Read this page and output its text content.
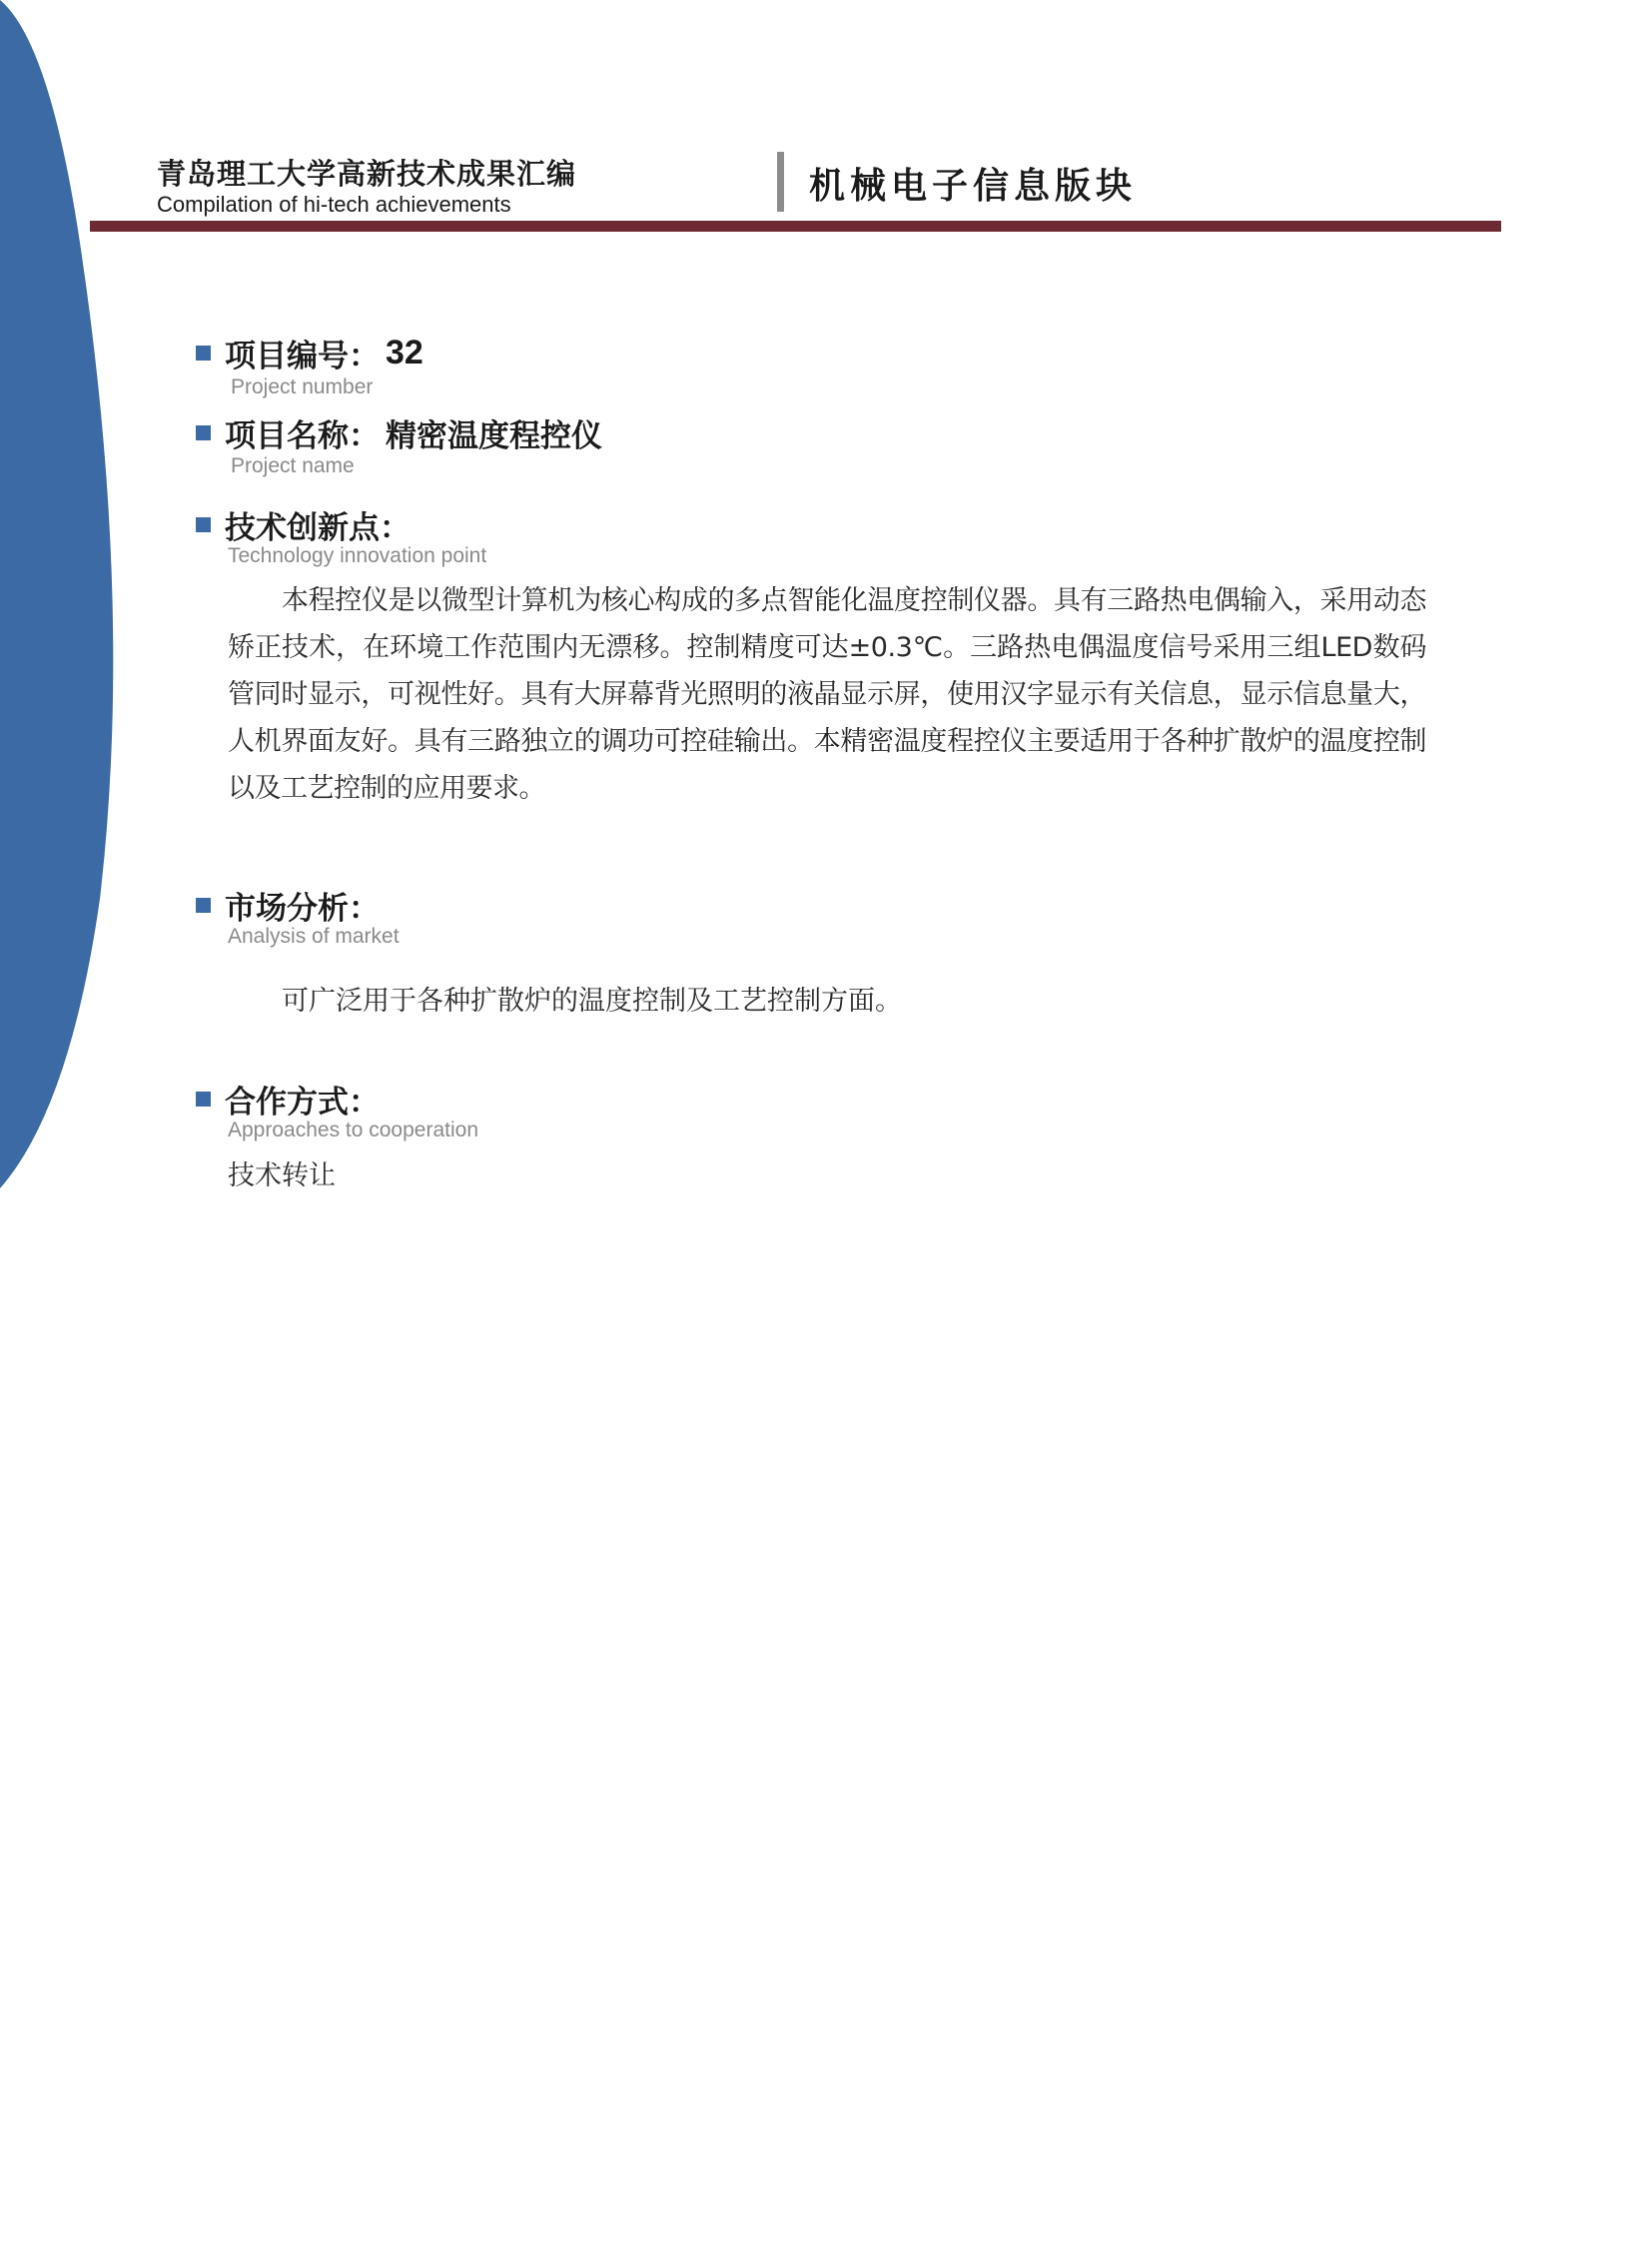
青岛理工大学高新技术成果汇编
Compilation of hi-tech achievements	机械电子信息版块
项目编号： 32
Project number
项目名称： 精密温度程控仪
Project name
技术创新点：
Technology innovation point
本程控仪是以微型计算机为核心构成的多点智能化温度控制仪器。具有三路热电偶输入，采用动态矫正技术，在环境工作范围内无漂移。控制精度可达±0.3℃。三路热电偶温度信号采用三组LED数码管同时显示，可视性好。具有大屏幕背光照明的液晶显示屏，使用汉字显示有关信息，显示信息量大，人机界面友好。具有三路独立的调功可控硅输出。本精密温度程控仪主要适用于各种扩散炉的温度控制以及工艺控制的应用要求。
市场分析：
Analysis of market
可广泛用于各种扩散炉的温度控制及工艺控制方面。
合作方式：
Approaches to cooperation
技术转让
